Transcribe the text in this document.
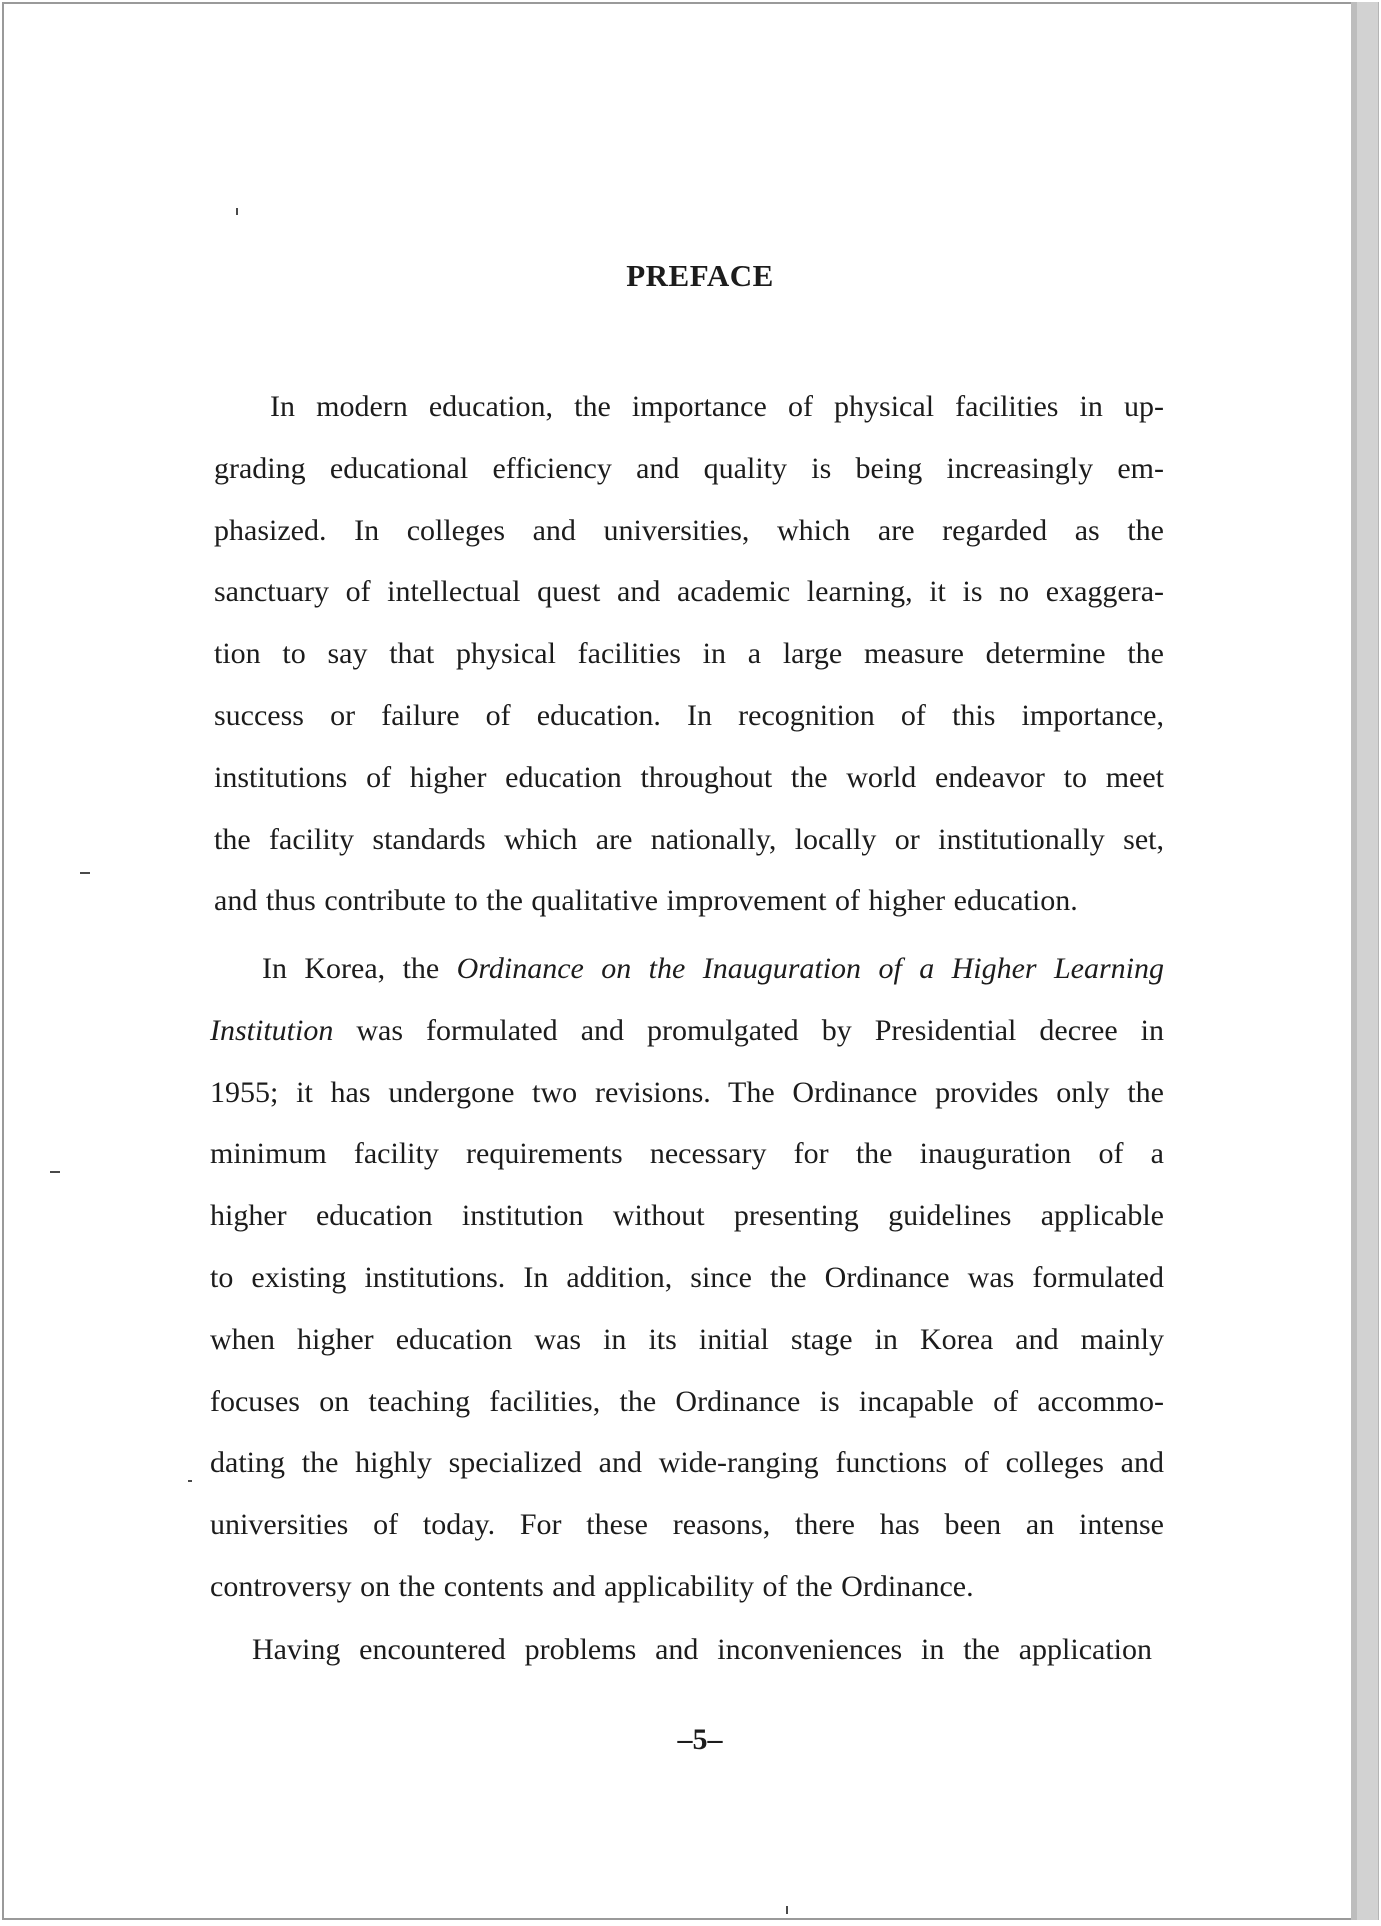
PREFACE
In modern education, the importance of physical facilities in up-
grading educational efficiency and quality is being increasingly em-
phasized. In colleges and universities, which are regarded as the
sanctuary of intellectual quest and academic learning, it is no exaggera-
tion to say that physical facilities in a large measure determine the
success or failure of education. In recognition of this importance,
institutions of higher education throughout the world endeavor to meet
the facility standards which are nationally, locally or institutionally set,
and thus contribute to the qualitative improvement of higher education.
In Korea, the Ordinance on the Inauguration of a Higher Learning
Institution was formulated and promulgated by Presidential decree in
1955; it has undergone two revisions. The Ordinance provides only the
minimum facility requirements necessary for the inauguration of a
higher education institution without presenting guidelines applicable
to existing institutions. In addition, since the Ordinance was formulated
when higher education was in its initial stage in Korea and mainly
focuses on teaching facilities, the Ordinance is incapable of accommo-
dating the highly specialized and wide-ranging functions of colleges and
universities of today. For these reasons, there has been an intense
controversy on the contents and applicability of the Ordinance.
Having encountered problems and inconveniences in the application
–5–
